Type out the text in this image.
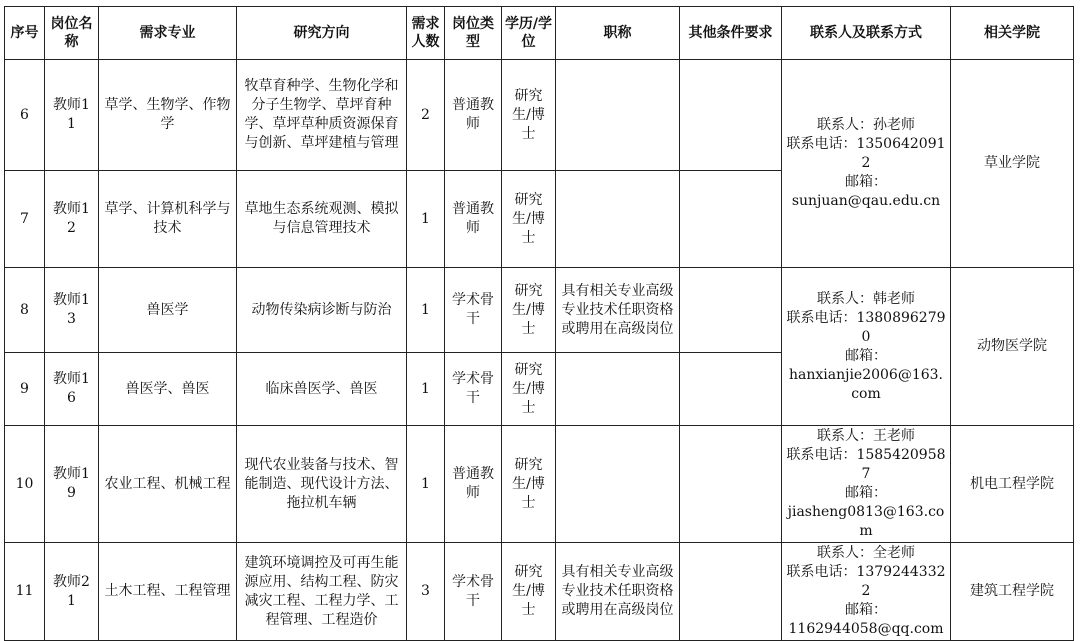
序号	岗位名称	需求专业	研究方向	需求人数	岗位类型	学历/学位	职称	其他条件要求	联系人及联系方式	相关学院
6	教师11	草学、生物学、作物学	牧草育种学、生物化学和分子生物学、草坪育种学、草坪草种质资源保育与创新、草坪建植与管理	2	普通教师	研究生/博士			联系人：孙老师
联系电话：13506420912
邮箱：
sunjuan@qau.edu.cn	草业学院
7	教师12	草学、计算机科学与技术	草地生态系统观测、模拟与信息管理技术	1	普通教师	研究生/博士				
8	教师13	兽医学	动物传染病诊断与防治	1	学术骨干	研究生/博士	具有相关专业高级专业技术任职资格或聘用在高级岗位		联系人：韩老师
联系电话：13808962790
邮箱：
hanxianjie2006@163.com	动物医学院
9	教师16	兽医学、兽医	临床兽医学、兽医	1	学术骨干	研究生/博士				
10	教师19	农业工程、机械工程	现代农业装备与技术、智能制造、现代设计方法、拖拉机车辆	1	普通教师	研究生/博士			联系人：王老师
联系电话：15854209587
邮箱：
jiasheng0813@163.com	机电工程学院
11	教师21	土木工程、工程管理	建筑环境调控及可再生能源应用、结构工程、防灾减灾工程、工程力学、工程管理、工程造价	3	学术骨干	研究生/博士	具有相关专业高级专业技术任职资格或聘用在高级岗位		联系人：全老师
联系电话：13792443322
邮箱：
1162944058@qq.com	建筑工程学院
